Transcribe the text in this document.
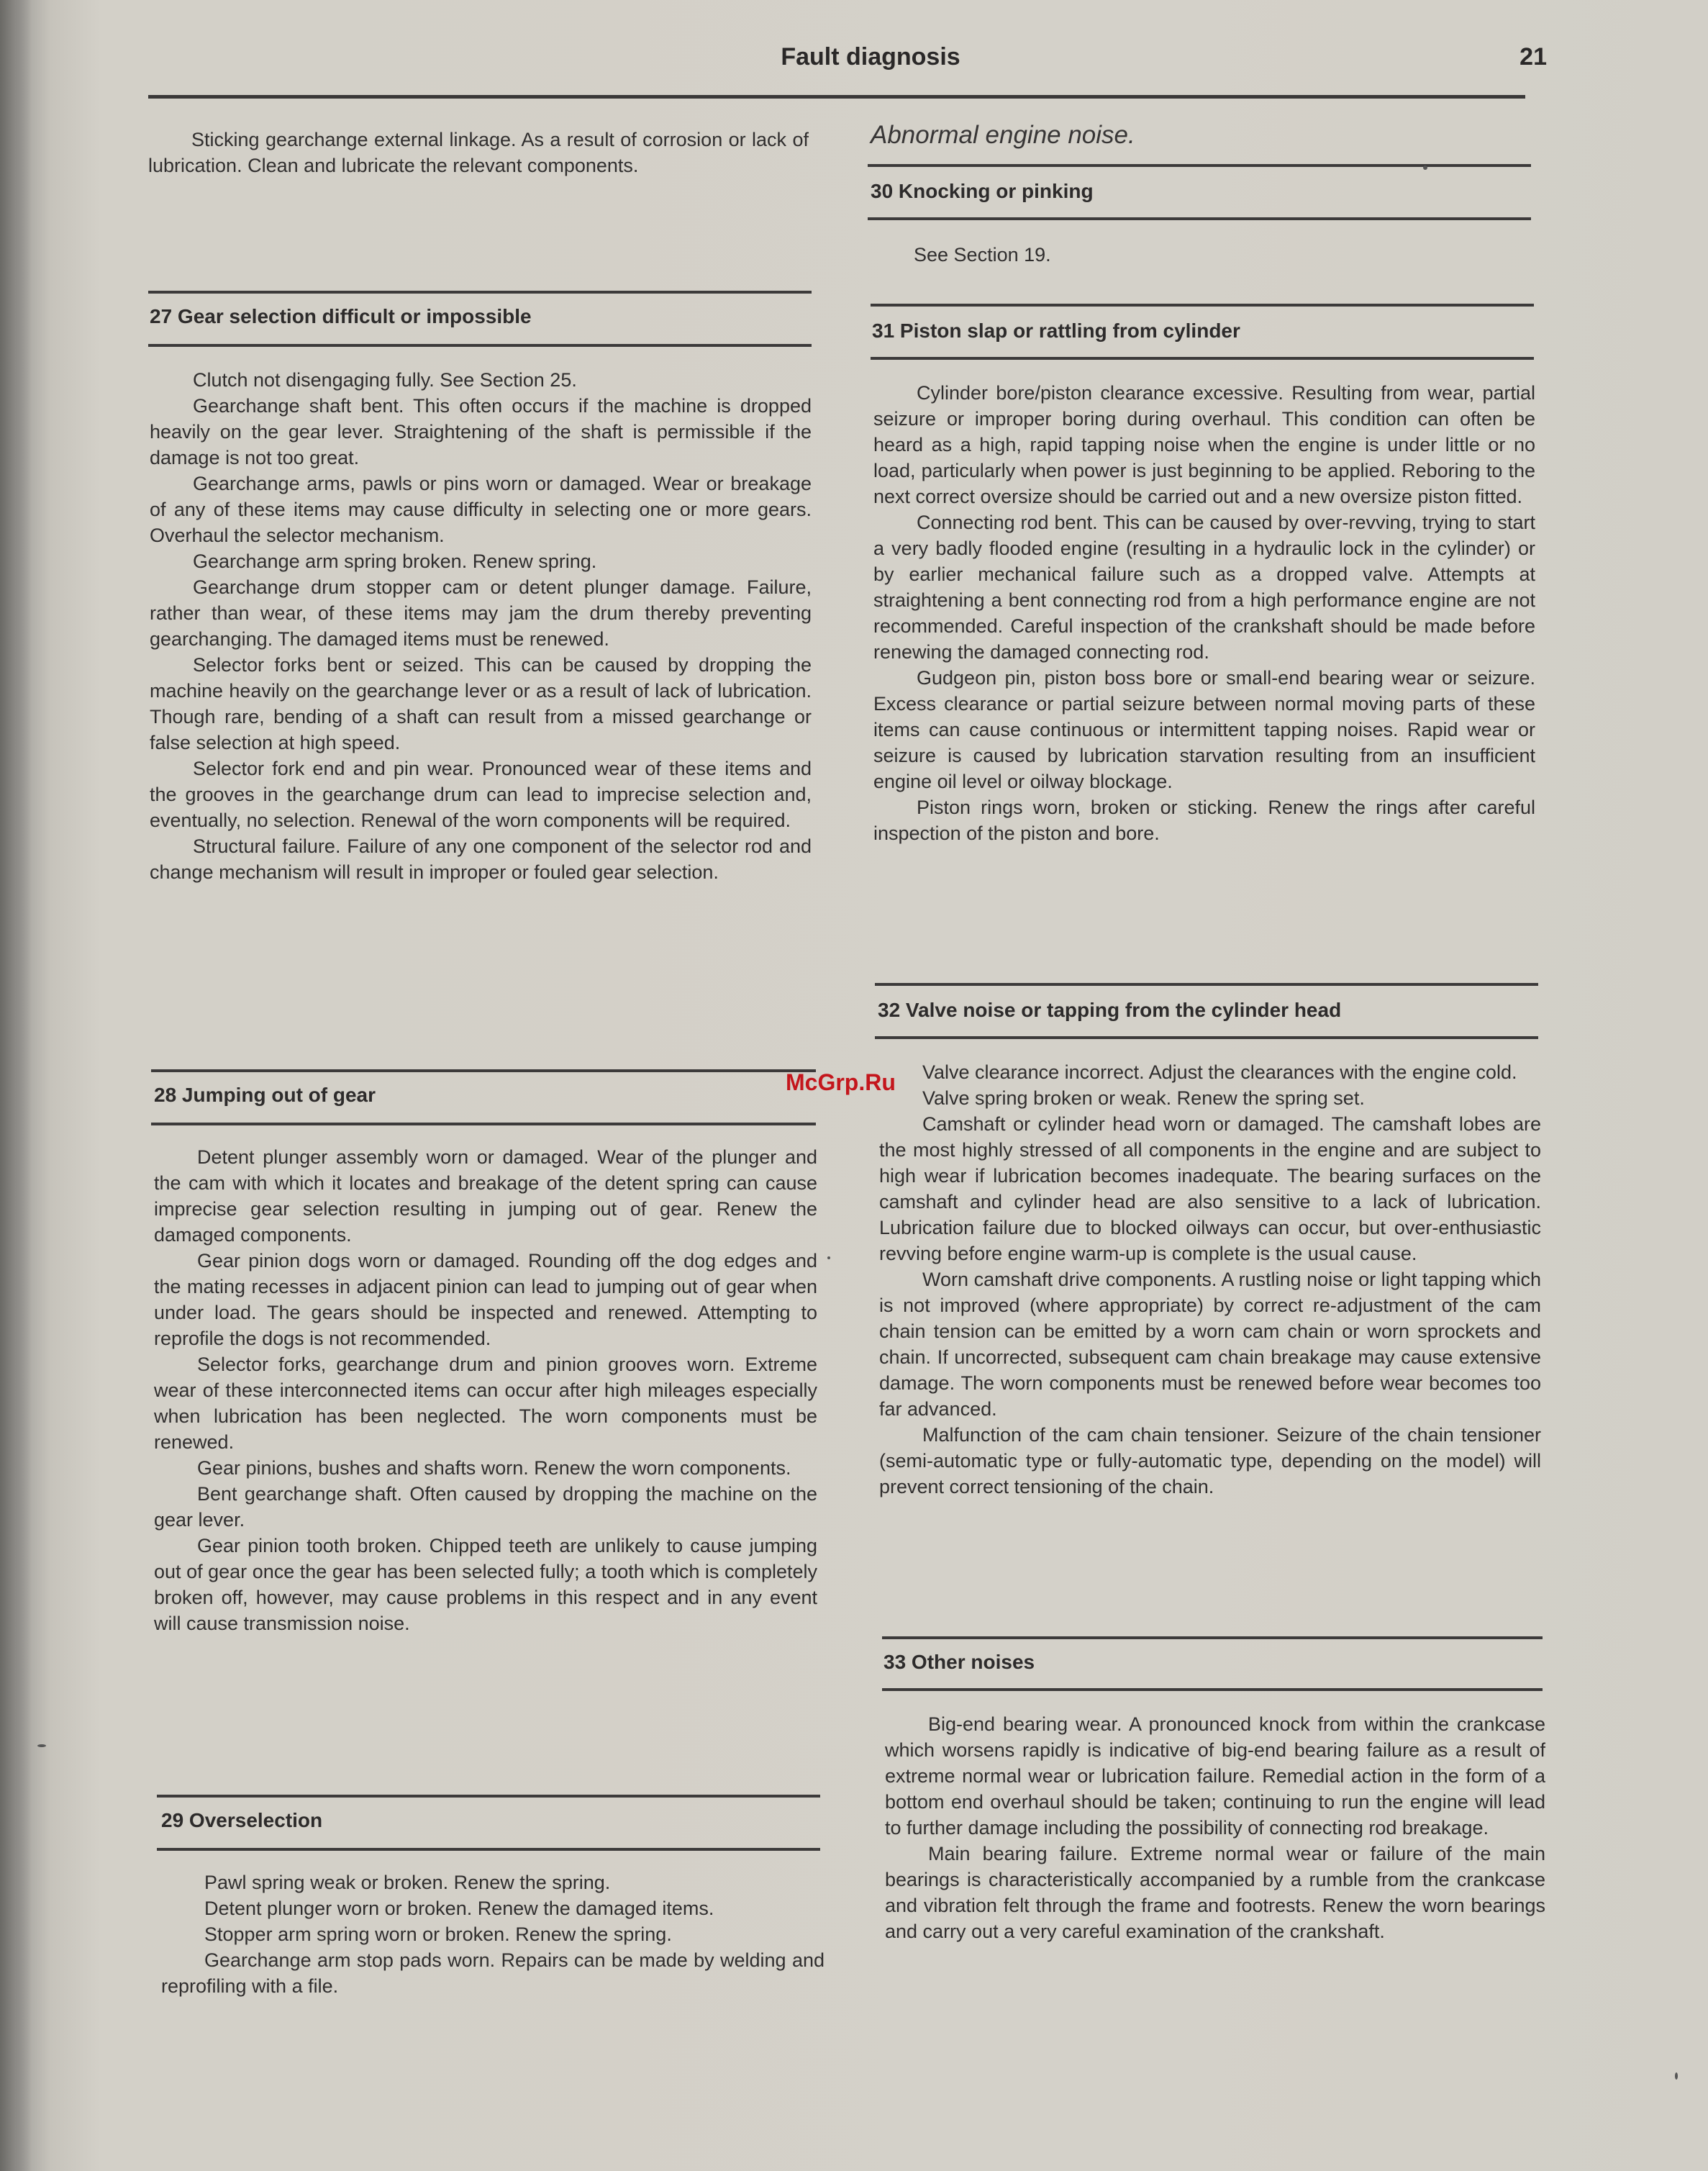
Fault diagnosis	21

Sticking gearchange external linkage. As a result of corrosion or lack of lubrication. Clean and lubricate the relevant components.

27 Gear selection difficult or impossible
Clutch not disengaging fully. See Section 25.
Gearchange shaft bent. This often occurs if the machine is dropped heavily on the gear lever. Straightening of the shaft is permissible if the damage is not too great.
Gearchange arms, pawls or pins worn or damaged. Wear or breakage of any of these items may cause difficulty in selecting one or more gears. Overhaul the selector mechanism.
Gearchange arm spring broken. Renew spring.
Gearchange drum stopper cam or detent plunger damage. Failure, rather than wear, of these items may jam the drum thereby preventing gearchanging. The damaged items must be renewed.
Selector forks bent or seized. This can be caused by dropping the machine heavily on the gearchange lever or as a result of lack of lubrication. Though rare, bending of a shaft can result from a missed gearchange or false selection at high speed.
Selector fork end and pin wear. Pronounced wear of these items and the grooves in the gearchange drum can lead to imprecise selection and, eventually, no selection. Renewal of the worn components will be required.
Structural failure. Failure of any one component of the selector rod and change mechanism will result in improper or fouled gear selection.
28 Jumping out of gear
Detent plunger assembly worn or damaged. Wear of the plunger and the cam with which it locates and breakage of the detent spring can cause imprecise gear selection resulting in jumping out of gear. Renew the damaged components.
Gear pinion dogs worn or damaged. Rounding off the dog edges and the mating recesses in adjacent pinion can lead to jumping out of gear when under load. The gears should be inspected and renewed. Attempting to reprofile the dogs is not recommended.
Selector forks, gearchange drum and pinion grooves worn. Extreme wear of these interconnected items can occur after high mileages especially when lubrication has been neglected. The worn components must be renewed.
Gear pinions, bushes and shafts worn. Renew the worn components.
Bent gearchange shaft. Often caused by dropping the machine on the gear lever.
Gear pinion tooth broken. Chipped teeth are unlikely to cause jumping out of gear once the gear has been selected fully; a tooth which is completely broken off, however, may cause problems in this respect and in any event will cause transmission noise.
29 Overselection
Pawl spring weak or broken. Renew the spring.
Detent plunger worn or broken. Renew the damaged items.
Stopper arm spring worn or broken. Renew the spring.
Gearchange arm stop pads worn. Repairs can be made by welding and reprofiling with a file.
Abnormal engine noise.
30 Knocking or pinking
See Section 19.
31 Piston slap or rattling from cylinder
Cylinder bore/piston clearance excessive. Resulting from wear, partial seizure or improper boring during overhaul. This condition can often be heard as a high, rapid tapping noise when the engine is under little or no load, particularly when power is just beginning to be applied. Reboring to the next correct oversize should be carried out and a new oversize piston fitted.
Connecting rod bent. This can be caused by over-revving, trying to start a very badly flooded engine (resulting in a hydraulic lock in the cylinder) or by earlier mechanical failure such as a dropped valve. Attempts at straightening a bent connecting rod from a high performance engine are not recommended. Careful inspection of the crankshaft should be made before renewing the damaged connecting rod.
Gudgeon pin, piston boss bore or small-end bearing wear or seizure. Excess clearance or partial seizure between normal moving parts of these items can cause continuous or intermittent tapping noises. Rapid wear or seizure is caused by lubrication starvation resulting from an insufficient engine oil level or oilway blockage.
Piston rings worn, broken or sticking. Renew the rings after careful inspection of the piston and bore.
32 Valve noise or tapping from the cylinder head
Valve clearance incorrect. Adjust the clearances with the engine cold.
Valve spring broken or weak. Renew the spring set.
Camshaft or cylinder head worn or damaged. The camshaft lobes are the most highly stressed of all components in the engine and are subject to high wear if lubrication becomes inadequate. The bearing surfaces on the camshaft and cylinder head are also sensitive to a lack of lubrication. Lubrication failure due to blocked oilways can occur, but over-enthusiastic revving before engine warm-up is complete is the usual cause.
Worn camshaft drive components. A rustling noise or light tapping which is not improved (where appropriate) by correct re-adjustment of the cam chain tension can be emitted by a worn cam chain or worn sprockets and chain. If uncorrected, subsequent cam chain breakage may cause extensive damage. The worn components must be renewed before wear becomes too far advanced.
Malfunction of the cam chain tensioner. Seizure of the chain tensioner (semi-automatic type or fully-automatic type, depending on the model) will prevent correct tensioning of the chain.
33 Other noises
Big-end bearing wear. A pronounced knock from within the crankcase which worsens rapidly is indicative of big-end bearing failure as a result of extreme normal wear or lubrication failure. Remedial action in the form of a bottom end overhaul should be taken; continuing to run the engine will lead to further damage including the possibility of connecting rod breakage.
Main bearing failure. Extreme normal wear or failure of the main bearings is characteristically accompanied by a rumble from the crankcase and vibration felt through the frame and footrests. Renew the worn bearings and carry out a very careful examination of the crankshaft.
McGrp.Ru
